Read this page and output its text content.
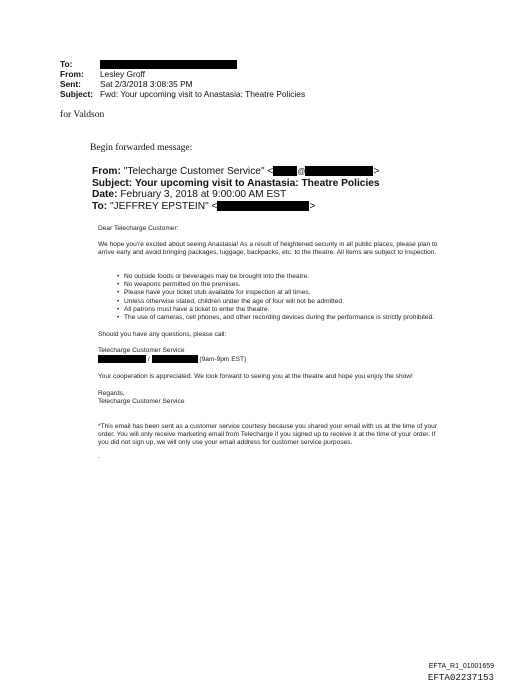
To:
From: Lesley Groff
Sent: Sat 2/3/2018 3:08:35 PM
Subject: Fwd: Your upcoming visit to Anastasia: Theatre Policies
for Valdson
Begin forwarded message:
From: "Telecharge Customer Service" <	@	>
Subject: Your upcoming visit to Anastasia: Theatre Policies
Date: February 3, 2018 at 9:00:00 AM EST
To: "JEFFREY EPSTEIN" <	>

Dear Telecharge Customer:

We hope you're excited about seeing Anastasia! As a result of heightened security in all public places, please plan to arrive early and avoid bringing packages, luggage, backpacks, etc. to the theatre. All items are subject to inspection.

• No outside foods or beverages may be brought into the theatre.
• No weapons permitted on the premises.
• Please have your ticket stub available for inspection at all times.
• Unless otherwise stated, children under the age of four will not be admitted.
• All patrons must have a ticket to enter the theatre.
• The use of cameras, cell phones, and other recording devices during the performance is strictly prohibited.

Should you have any questions, please call:

Telecharge Customer Service

/	(9am-9pm EST)

Your cooperation is appreciated. We look forward to seeing you at the theatre and hope you enjoy the show!

Regards,

Telecharge Customer Service

*This email has been sent as a customer service courtesy because you shared your email with us at the time of your order. You will only receive marketing email from Telecharge if you signed up to receive it at the time of your order. If you did not sign up, we will only use your email address for customer service purposes.

.

EFTA_R1_01001659
EFTA02237153
